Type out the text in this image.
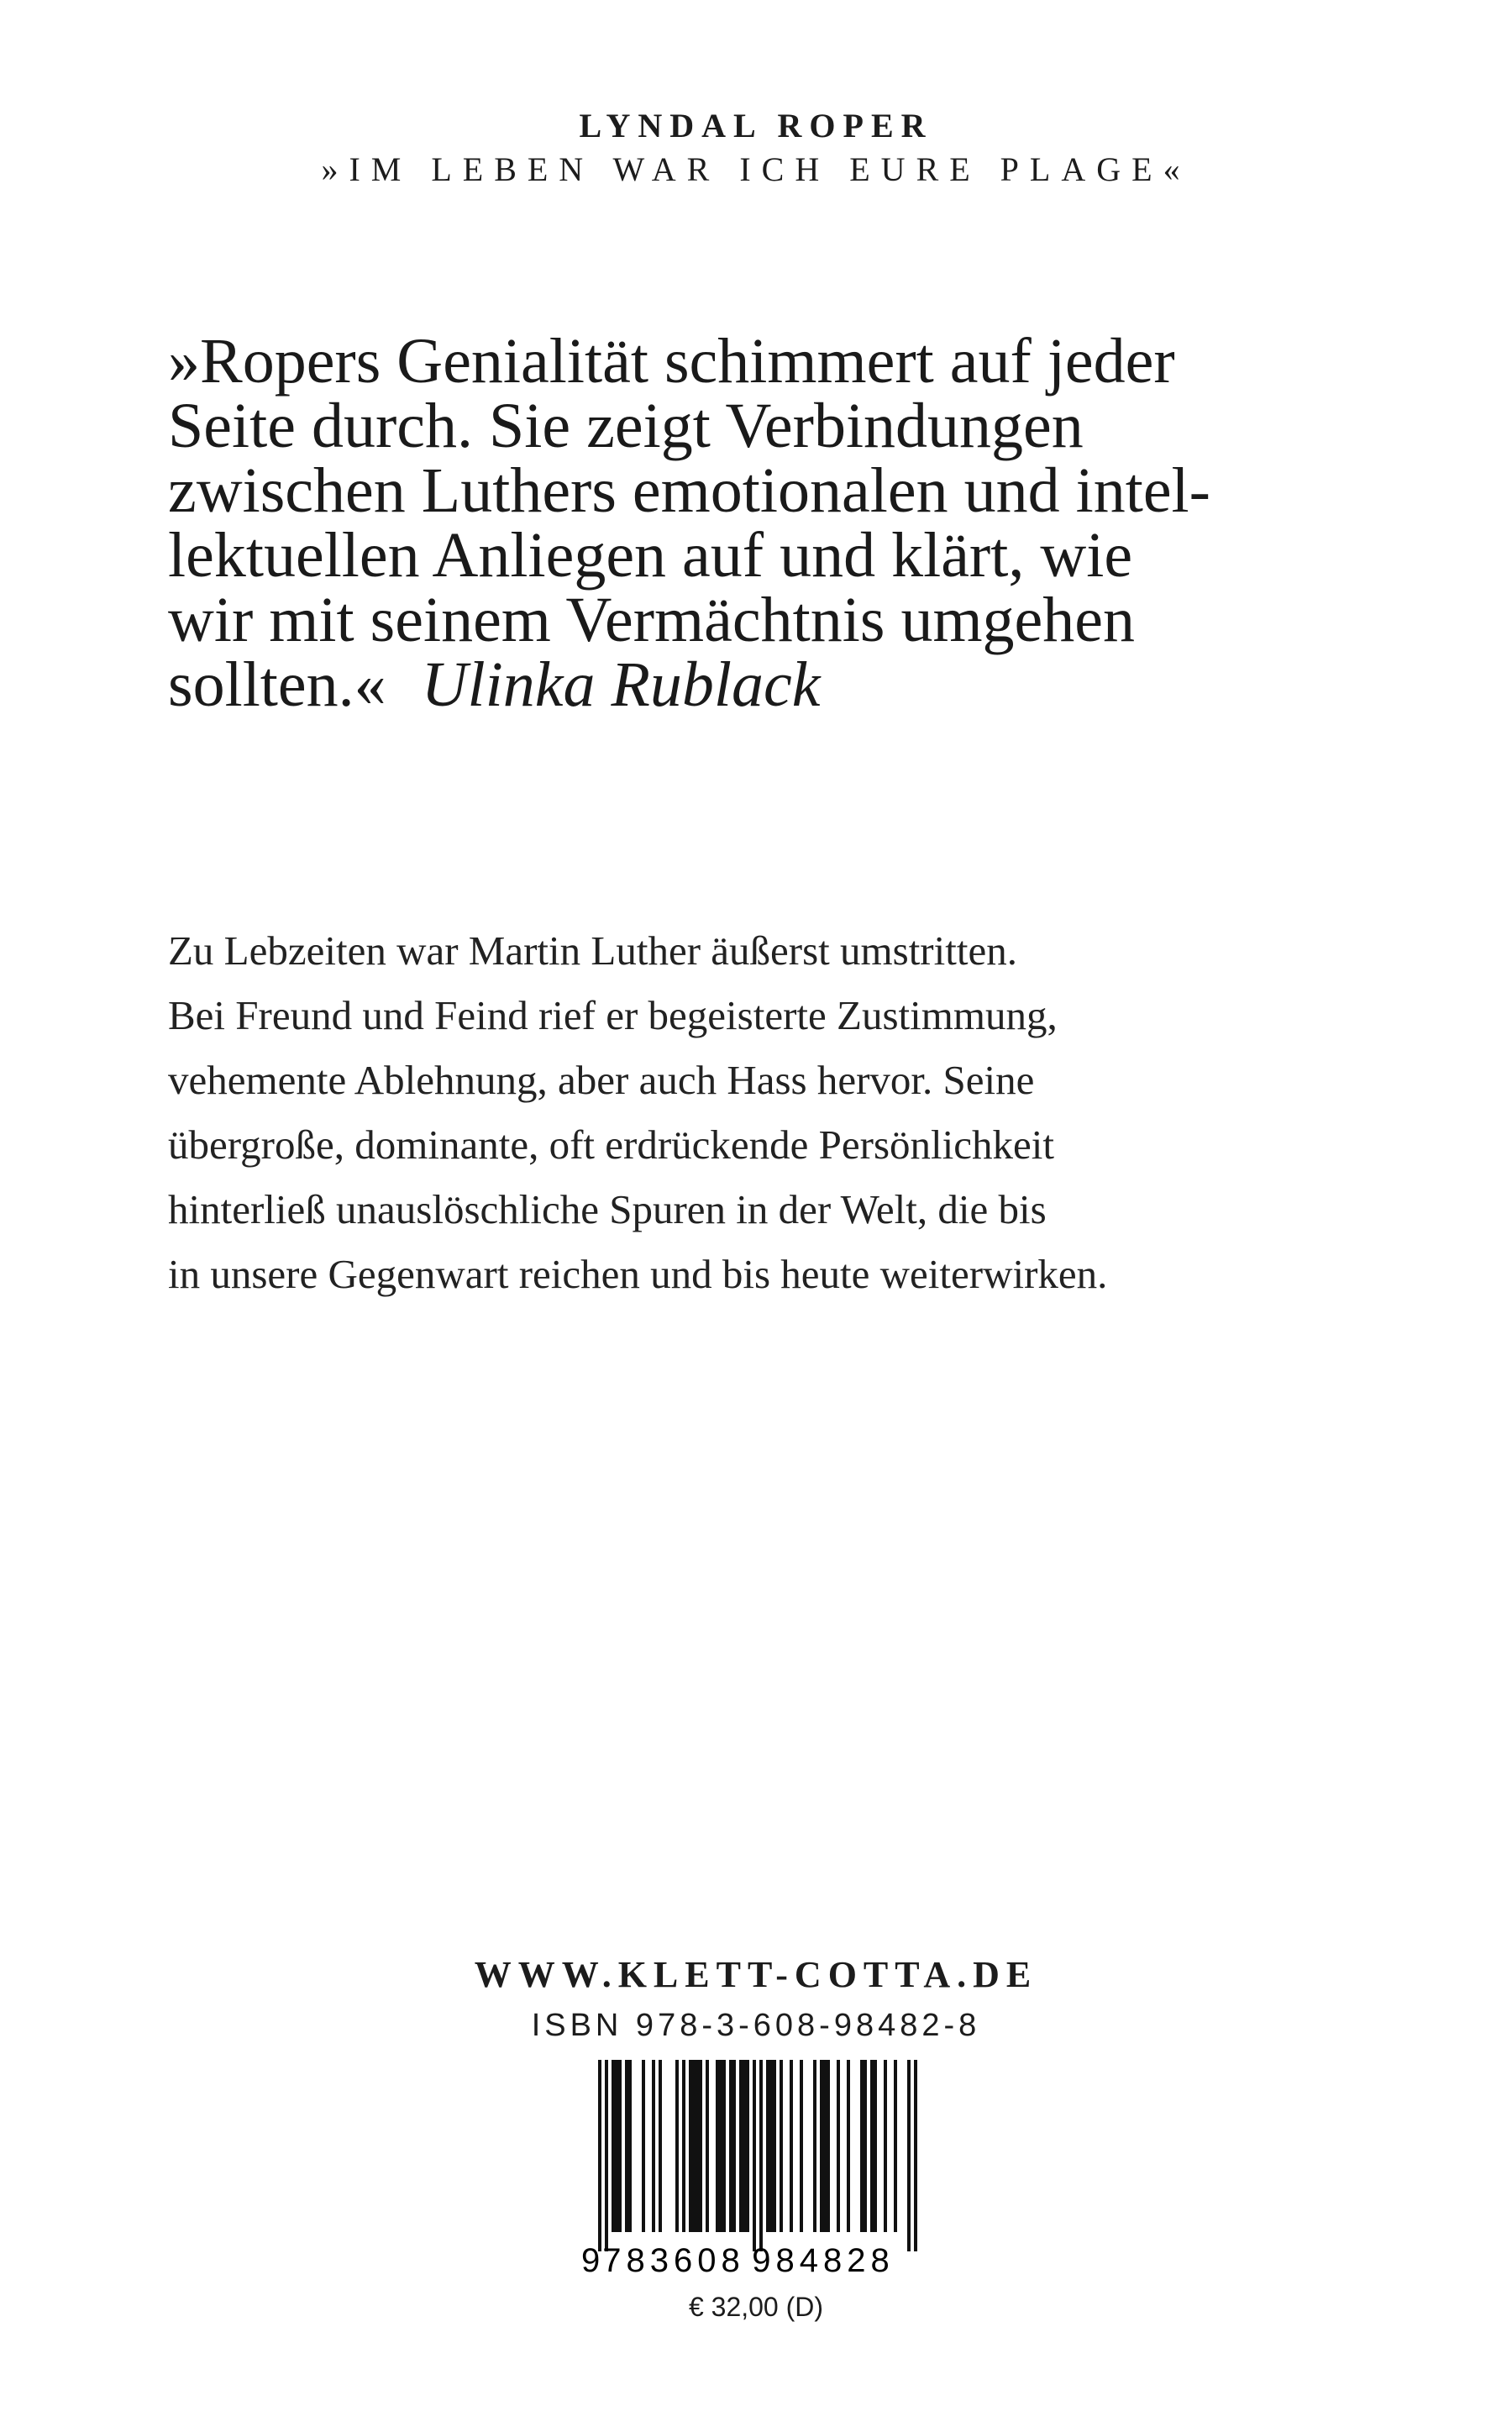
LYNDAL ROPER
»IM LEBEN WAR ICH EURE PLAGE«
»Ropers Genialität schimmert auf jeder
Seite durch. Sie zeigt Verbindungen
zwischen Luthers emotionalen und intel-
lektuellen Anliegen auf und klärt, wie
wir mit seinem Vermächtnis umgehen
sollten.« Ulinka Rublack
Zu Lebzeiten war Martin Luther äußerst umstritten.
Bei Freund und Feind rief er begeisterte Zustimmung,
vehemente Ablehnung, aber auch Hass hervor. Seine
übergroße, dominante, oft erdrückende Persönlichkeit
hinterließ unauslöschliche Spuren in der Welt, die bis
in unsere Gegenwart reichen und bis heute weiterwirken.
WWW.KLETT-COTTA.DE
ISBN 978-3-608-98482-8
9 783608 984828
€ 32,00 (D)
